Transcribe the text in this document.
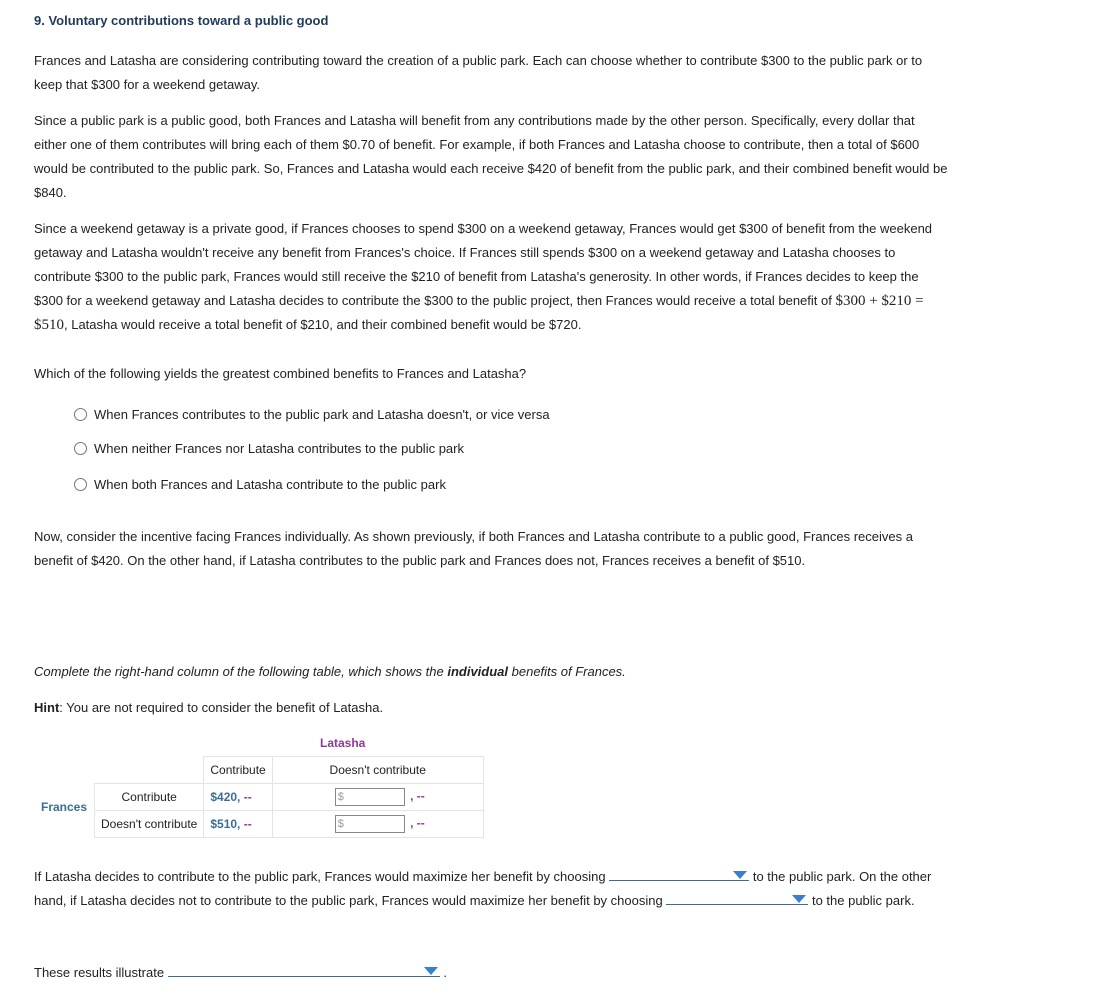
9. Voluntary contributions toward a public good

Frances and Latasha are considering contributing toward the creation of a public park. Each can choose whether to contribute $300 to the public park or to keep that $300 for a weekend getaway.

Since a public park is a public good, both Frances and Latasha will benefit from any contributions made by the other person. Specifically, every dollar that either one of them contributes will bring each of them $0.70 of benefit. For example, if both Frances and Latasha choose to contribute, then a total of $600 would be contributed to the public park. So, Frances and Latasha would each receive $420 of benefit from the public park, and their combined benefit would be $840.

Since a weekend getaway is a private good, if Frances chooses to spend $300 on a weekend getaway, Frances would get $300 of benefit from the weekend getaway and Latasha wouldn't receive any benefit from Frances's choice. If Frances still spends $300 on a weekend getaway and Latasha chooses to contribute $300 to the public park, Frances would still receive the $210 of benefit from Latasha's generosity. In other words, if Frances decides to keep the $300 for a weekend getaway and Latasha decides to contribute the $300 to the public project, then Frances would receive a total benefit of $300 + $210 = $510, Latasha would receive a total benefit of $210, and their combined benefit would be $720.

Which of the following yields the greatest combined benefits to Frances and Latasha?
When Frances contributes to the public park and Latasha doesn't, or vice versa
When neither Frances nor Latasha contributes to the public park
When both Frances and Latasha contribute to the public park

Now, consider the incentive facing Frances individually. As shown previously, if both Frances and Latasha contribute to a public good, Frances receives a benefit of $420. On the other hand, if Latasha contributes to the public park and Frances does not, Frances receives a benefit of $510.

Complete the right-hand column of the following table, which shows the individual benefits of Frances.
Hint: You are not required to consider the benefit of Latasha.
Latasha
Frances
	Contribute	Doesn't contribute
Contribute	$420, --	$ , --
Doesn't contribute	$510, --	$ , --

If Latasha decides to contribute to the public park, Frances would maximize her benefit by choosing	to the public park. On the other hand, if Latasha decides not to contribute to the public park, Frances would maximize her benefit by choosing	to the public park.

These results illustrate	.
